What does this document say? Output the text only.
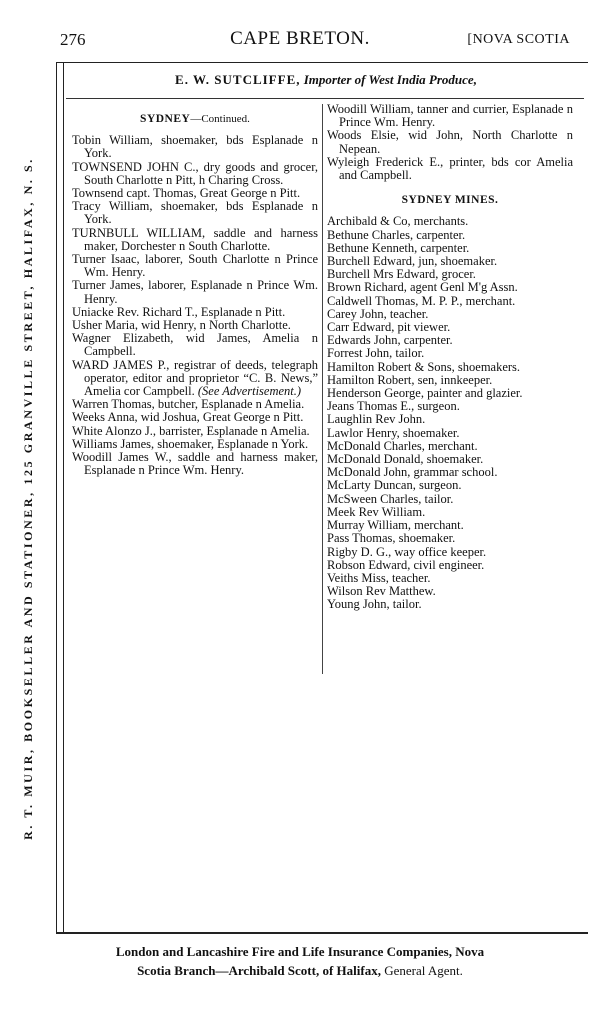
276	CAPE BRETON.	[NOVA SCOTIA
R. T. MUIR, BOOKSELLER AND STATIONER, 125 GRANVILLE STREET, HALIFAX, N. S.
E. W. SUTCLIFFE, Importer of West India Produce,
SYDNEY—Continued.
Tobin William, shoemaker, bds Esplanade n York.
TOWNSEND JOHN C., dry goods and grocer, South Charlotte n Pitt, h Charing Cross.
Townsend capt. Thomas, Great George n Pitt.
Tracy William, shoemaker, bds Esplanade n York.
TURNBULL WILLIAM, saddle and harness maker, Dorchester n South Charlotte.
Turner Isaac, laborer, South Charlotte n Prince Wm. Henry.
Turner James, laborer, Esplanade n Prince Wm. Henry.
Uniacke Rev. Richard T., Esplanade n Pitt.
Usher Maria, wid Henry, n North Charlotte.
Wagner Elizabeth, wid James, Amelia n Campbell.
WARD JAMES P., registrar of deeds, telegraph operator, editor and proprietor “C. B. News,” Amelia cor Campbell. (See Advertisement.)
Warren Thomas, butcher, Esplanade n Amelia.
Weeks Anna, wid Joshua, Great George n Pitt.
White Alonzo J., barrister, Esplanade n Amelia.
Williams James, shoemaker, Esplanade n York.
Woodill James W., saddle and harness maker, Esplanade n Prince Wm. Henry.
Woodill William, tanner and currier, Esplanade n Prince Wm. Henry.
Woods Elsie, wid John, North Charlotte n Nepean.
Wyleigh Frederick E., printer, bds cor Amelia and Campbell.
SYDNEY MINES.
Archibald & Co, merchants.
Bethune Charles, carpenter.
Bethune Kenneth, carpenter.
Burchell Edward, jun, shoemaker.
Burchell Mrs Edward, grocer.
Brown Richard, agent Genl M'g Assn.
Caldwell Thomas, M. P. P., merchant.
Carey John, teacher.
Carr Edward, pit viewer.
Edwards John, carpenter.
Forrest John, tailor.
Hamilton Robert & Sons, shoemakers.
Hamilton Robert, sen, innkeeper.
Henderson George, painter and glazier.
Jeans Thomas E., surgeon.
Laughlin Rev John.
Lawlor Henry, shoemaker.
McDonald Charles, merchant.
McDonald Donald, shoemaker.
McDonald John, grammar school.
McLarty Duncan, surgeon.
McSween Charles, tailor.
Meek Rev William.
Murray William, merchant.
Pass Thomas, shoemaker.
Rigby D. G., way office keeper.
Robson Edward, civil engineer.
Veiths Miss, teacher.
Wilson Rev Matthew.
Young John, tailor.
London and Lancashire Fire and Life Insurance Companies, Nova
Scotia Branch—Archibald Scott, of Halifax, General Agent.
